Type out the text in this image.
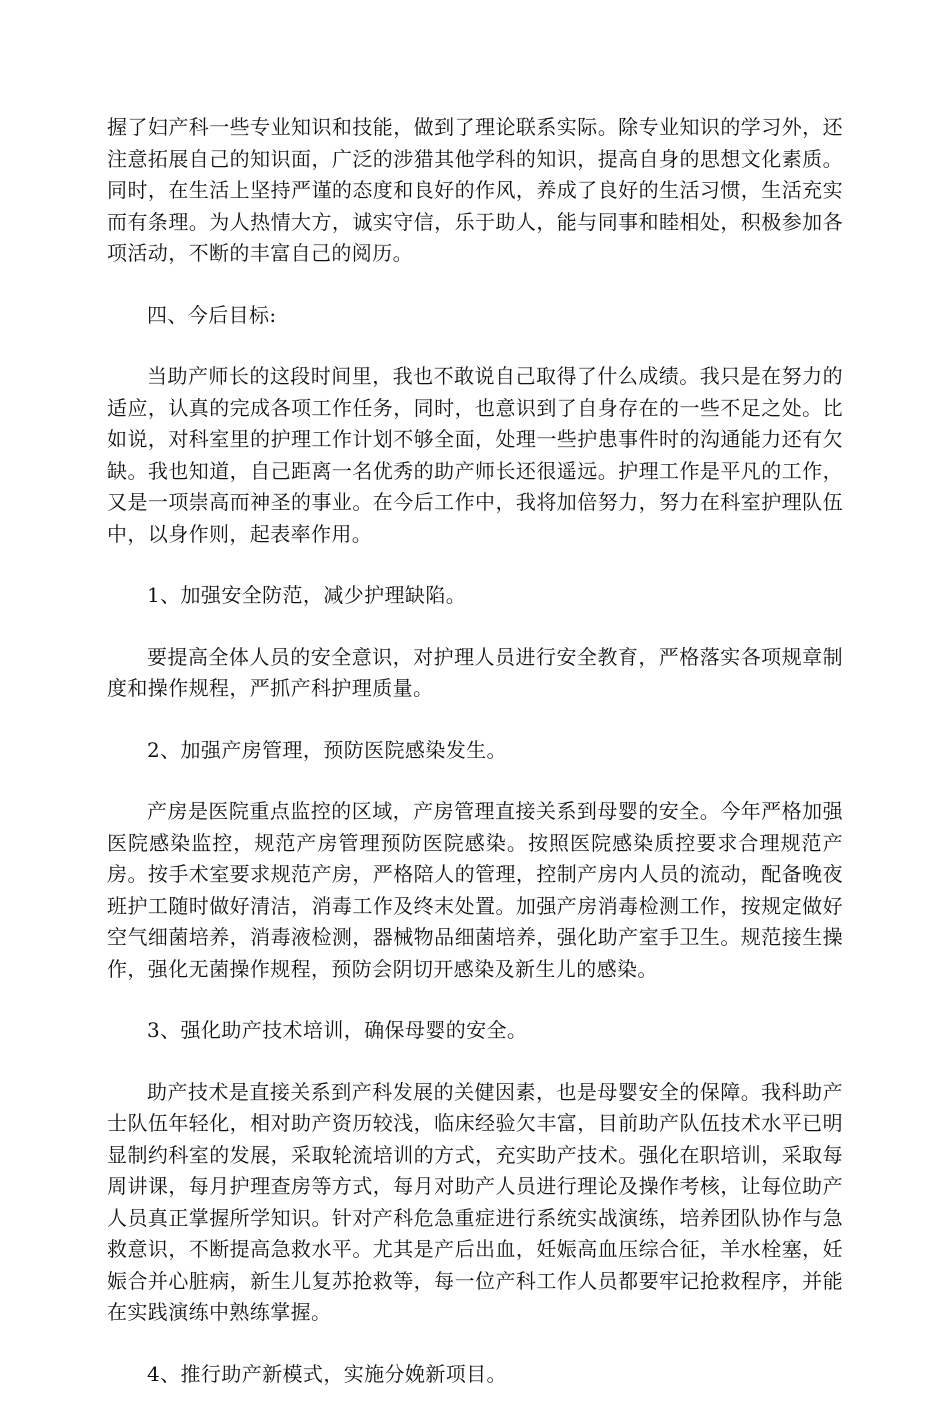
握了妇产科一些专业知识和技能，做到了理论联系实际。除专业知识的学习外，还注意拓展自己的知识面，广泛的涉猎其他学科的知识，提高自身的思想文化素质。同时，在生活上坚持严谨的态度和良好的作风，养成了良好的生活习惯，生活充实而有条理。为人热情大方，诚实守信，乐于助人，能与同事和睦相处，积极参加各项活动，不断的丰富自己的阅历。

四、今后目标:

当助产师长的这段时间里，我也不敢说自己取得了什么成绩。我只是在努力的适应，认真的完成各项工作任务，同时，也意识到了自身存在的一些不足之处。比如说，对科室里的护理工作计划不够全面，处理一些护患事件时的沟通能力还有欠缺。我也知道，自己距离一名优秀的助产师长还很遥远。护理工作是平凡的工作，又是一项崇高而神圣的事业。在今后工作中，我将加倍努力，努力在科室护理队伍中，以身作则，起表率作用。

1、加强安全防范，减少护理缺陷。

要提高全体人员的安全意识，对护理人员进行安全教育，严格落实各项规章制度和操作规程，严抓产科护理质量。

2、加强产房管理，预防医院感染发生。

产房是医院重点监控的区域，产房管理直接关系到母婴的安全。今年严格加强医院感染监控，规范产房管理预防医院感染。按照医院感染质控要求合理规范产房。按手术室要求规范产房，严格陪人的管理，控制产房内人员的流动，配备晚夜班护工随时做好清洁，消毒工作及终末处置。加强产房消毒检测工作，按规定做好空气细菌培养，消毒液检测，器械物品细菌培养，强化助产室手卫生。规范接生操作，强化无菌操作规程，预防会阴切开感染及新生儿的感染。

3、强化助产技术培训，确保母婴的安全。

助产技术是直接关系到产科发展的关健因素，也是母婴安全的保障。我科助产士队伍年轻化，相对助产资历较浅，临床经验欠丰富，目前助产队伍技术水平已明显制约科室的发展，采取轮流培训的方式，充实助产技术。强化在职培训，采取每周讲课，每月护理查房等方式，每月对助产人员进行理论及操作考核，让每位助产人员真正掌握所学知识。针对产科危急重症进行系统实战演练，培养团队协作与急救意识，不断提高急救水平。尤其是产后出血，妊娠高血压综合征，羊水栓塞，妊娠合并心脏病，新生儿复苏抢救等，每一位产科工作人员都要牢记抢救程序，并能在实践演练中熟练掌握。

4、推行助产新模式，实施分娩新项目。
